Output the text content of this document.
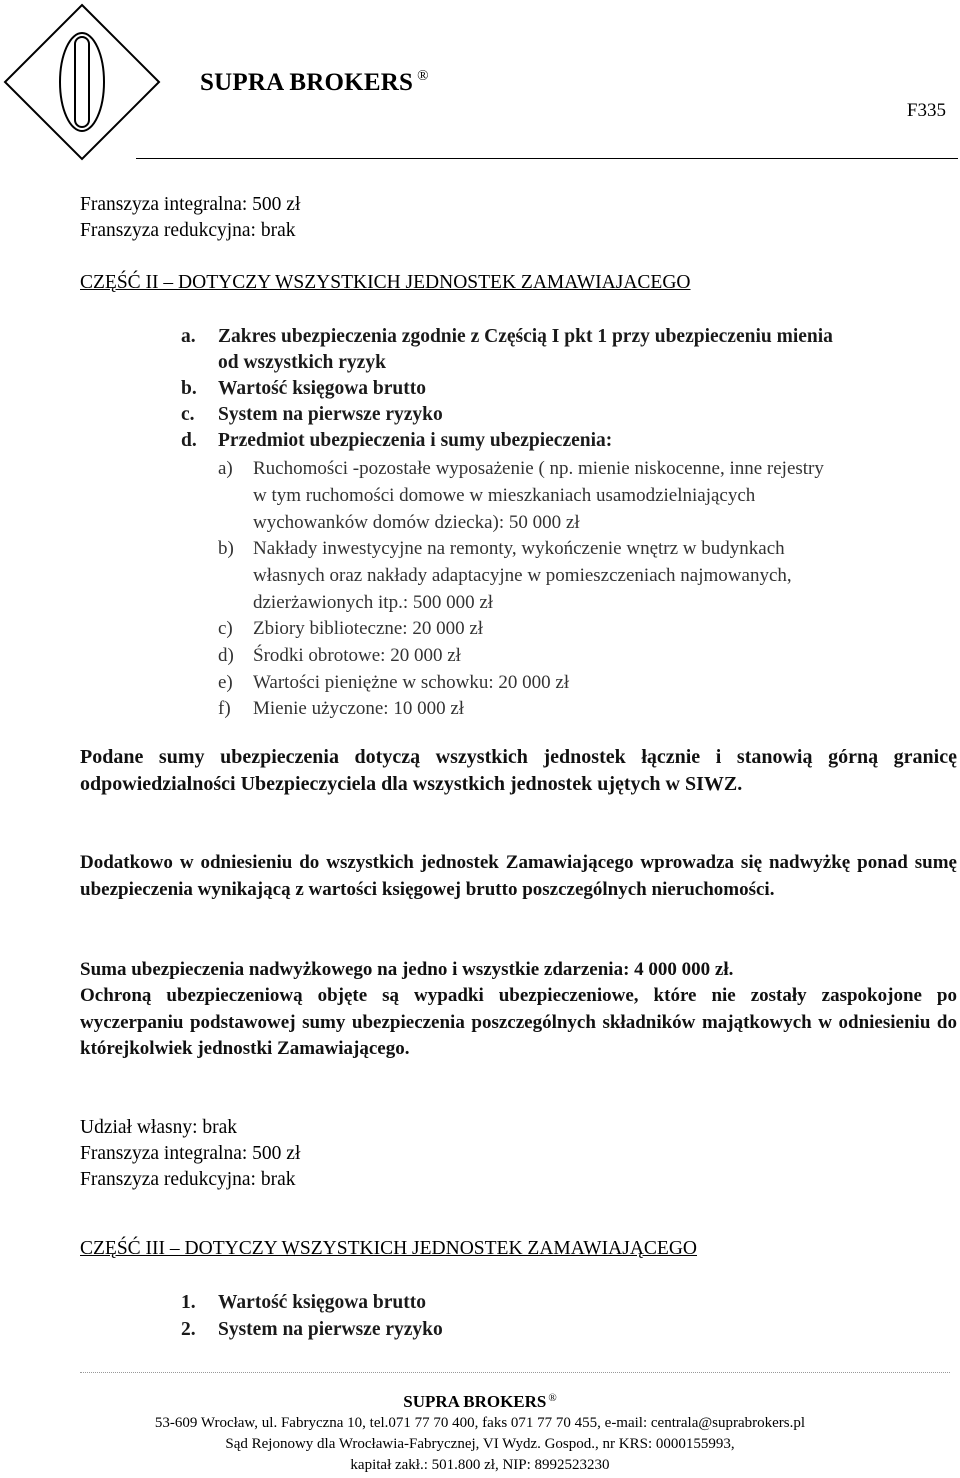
SUPRA BROKERS ®
F335
Franszyza integralna: 500 zł
Franszyza redukcyjna: brak
CZĘŚĆ II – DOTYCZY WSZYSTKICH JEDNOSTEK ZAMAWIAJACEGO
a. Zakres ubezpieczenia zgodnie z Częścią I pkt 1 przy ubezpieczeniu mienia
od wszystkich ryzyk
b. Wartość księgowa brutto
c. System na pierwsze ryzyko
d. Przedmiot ubezpieczenia i sumy ubezpieczenia:
a) Ruchomości -pozostałe wyposażenie ( np. mienie niskocenne, inne rejestry
w tym ruchomości domowe w mieszkaniach usamodzielniających
wychowanków domów dziecka): 50 000 zł
b) Nakłady inwestycyjne na remonty, wykończenie wnętrz w budynkach
własnych oraz nakłady adaptacyjne w pomieszczeniach najmowanych,
dzierżawionych itp.: 500 000 zł
c) Zbiory biblioteczne: 20 000 zł
d) Środki obrotowe: 20 000 zł
e) Wartości pieniężne w schowku: 20 000 zł
f) Mienie użyczone: 10 000 zł
Podane sumy ubezpieczenia dotyczą wszystkich jednostek łącznie i stanowią górną granicę odpowiedzialności Ubezpieczyciela dla wszystkich jednostek ujętych w SIWZ.
Dodatkowo w odniesieniu do wszystkich jednostek Zamawiającego wprowadza się nadwyżkę ponad sumę ubezpieczenia wynikającą z wartości księgowej brutto poszczególnych nieruchomości.
Suma ubezpieczenia nadwyżkowego na jedno i wszystkie zdarzenia: 4 000 000 zł.
Ochroną ubezpieczeniową objęte są wypadki ubezpieczeniowe, które nie zostały zaspokojone po wyczerpaniu podstawowej sumy ubezpieczenia poszczególnych składników majątkowych w odniesieniu do którejkolwiek jednostki Zamawiającego.
Udział własny: brak
Franszyza integralna: 500 zł
Franszyza redukcyjna: brak
CZĘŚĆ III – DOTYCZY WSZYSTKICH JEDNOSTEK ZAMAWIAJĄCEGO
1. Wartość księgowa brutto
2. System na pierwsze ryzyko
SUPRA BROKERS ®
53-609 Wrocław, ul. Fabryczna 10, tel.071 77 70 400, faks 071 77 70 455, e-mail: centrala@suprabrokers.pl
Sąd Rejonowy dla Wrocławia-Fabrycznej, VI Wydz. Gospod., nr KRS: 0000155993,
kapitał zakł.: 501.800 zł, NIP: 8992523230
